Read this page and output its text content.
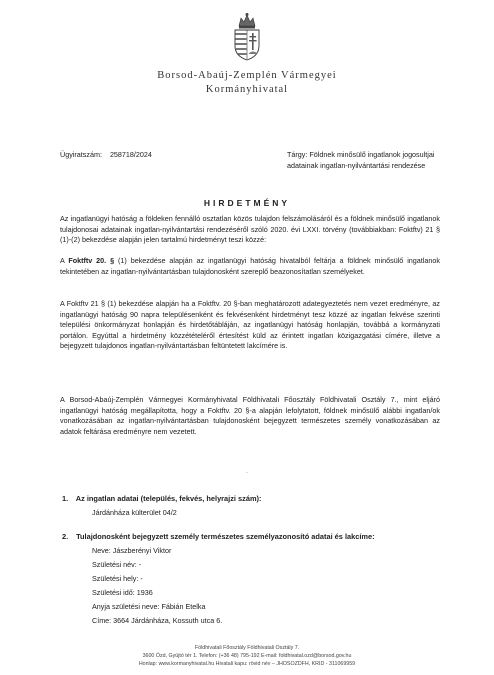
Borsod-Abaúj-Zemplén Vármegyei
Kormányhivatal
Ügyiratszám: 258718/2024	Tárgy: Földnek minősülő ingatlanok jogosultjai adatainak ingatlan-nyilvántartási rendezése
HIRDETMÉNY

Az ingatlanügyi hatóság a földeken fennálló osztatlan közös tulajdon felszámolásáról és a földnek minősülő ingatlanok tulajdonosai adatainak ingatlan-nyilvántartási rendezéséről szóló 2020. évi LXXI. törvény (továbbiakban: Foktftv) 21 § (1)-(2) bekezdése alapján jelen tartalmú hirdetményt teszi közzé:

A Foktftv 20. § (1) bekezdése alapján az ingatlanügyi hatóság hivatalból feltárja a földnek minősülő ingatlanok tekintetében az ingatlan-nyilvántartásban tulajdonosként szereplő beazonosítatlan személyeket.

A Foktftv 21 § (1) bekezdése alapján ha a Foktftv. 20 §-ban meghatározott adategyeztetés nem vezet eredményre, az ingatlanügyi hatóság 90 napra településenként és fekvésenként hirdetményt tesz közzé az ingatlan fekvése szerinti települési önkormányzat honlapján és hirdetőtábláján, az ingatlanügyi hatóság honlapján, továbbá a kormányzati portálon. Egyúttal a hirdetmény közzétételéről értesítést küld az érintett ingatlan közigazgatási címére, illetve a bejegyzett tulajdonos ingatlan-nyilvántartásban feltüntetett lakcímére is.

A Borsod-Abaúj-Zemplén Vármegyei Kormányhivatal Földhivatali Főosztály Földhivatali Osztály 7., mint eljáró ingatlanügyi hatóság megállapította, hogy a Foktftv. 20 §-a alapján lefolytatott, földnek minősülő alábbi ingatlan/ok vonatkozásában az ingatlan-nyilvántartásban tulajdonosként bejegyzett természetes személy vonatkozásában az adatok feltárása eredményre nem vezetett.

·
1. Az ingatlan adatai (település, fekvés, helyrajzi szám):
Járdánháza külterület 04/2
2. Tulajdonosként bejegyzett személy természetes személyazonosító adatai és lakcíme:
Neve: Jászberényi Viktor
Születési név: -
Születési hely: -
Születési idő: 1936
Anyja születési neve: Fábián Etelka
Címe: 3664 Járdánháza, Kossuth utca 6.
Földhivatali Főosztály Földhivatali Osztály 7.
3600 Ózd, Gyújtó tér 1. Telefon: (+36 48) 795-192 E-mail: foldhivatal.ozd@borsod.gov.hu
Honlap: www.kormanyhivatal.hu Hivatali kapu: rövid név – JHOSOZDFH, KRID - 311069959
